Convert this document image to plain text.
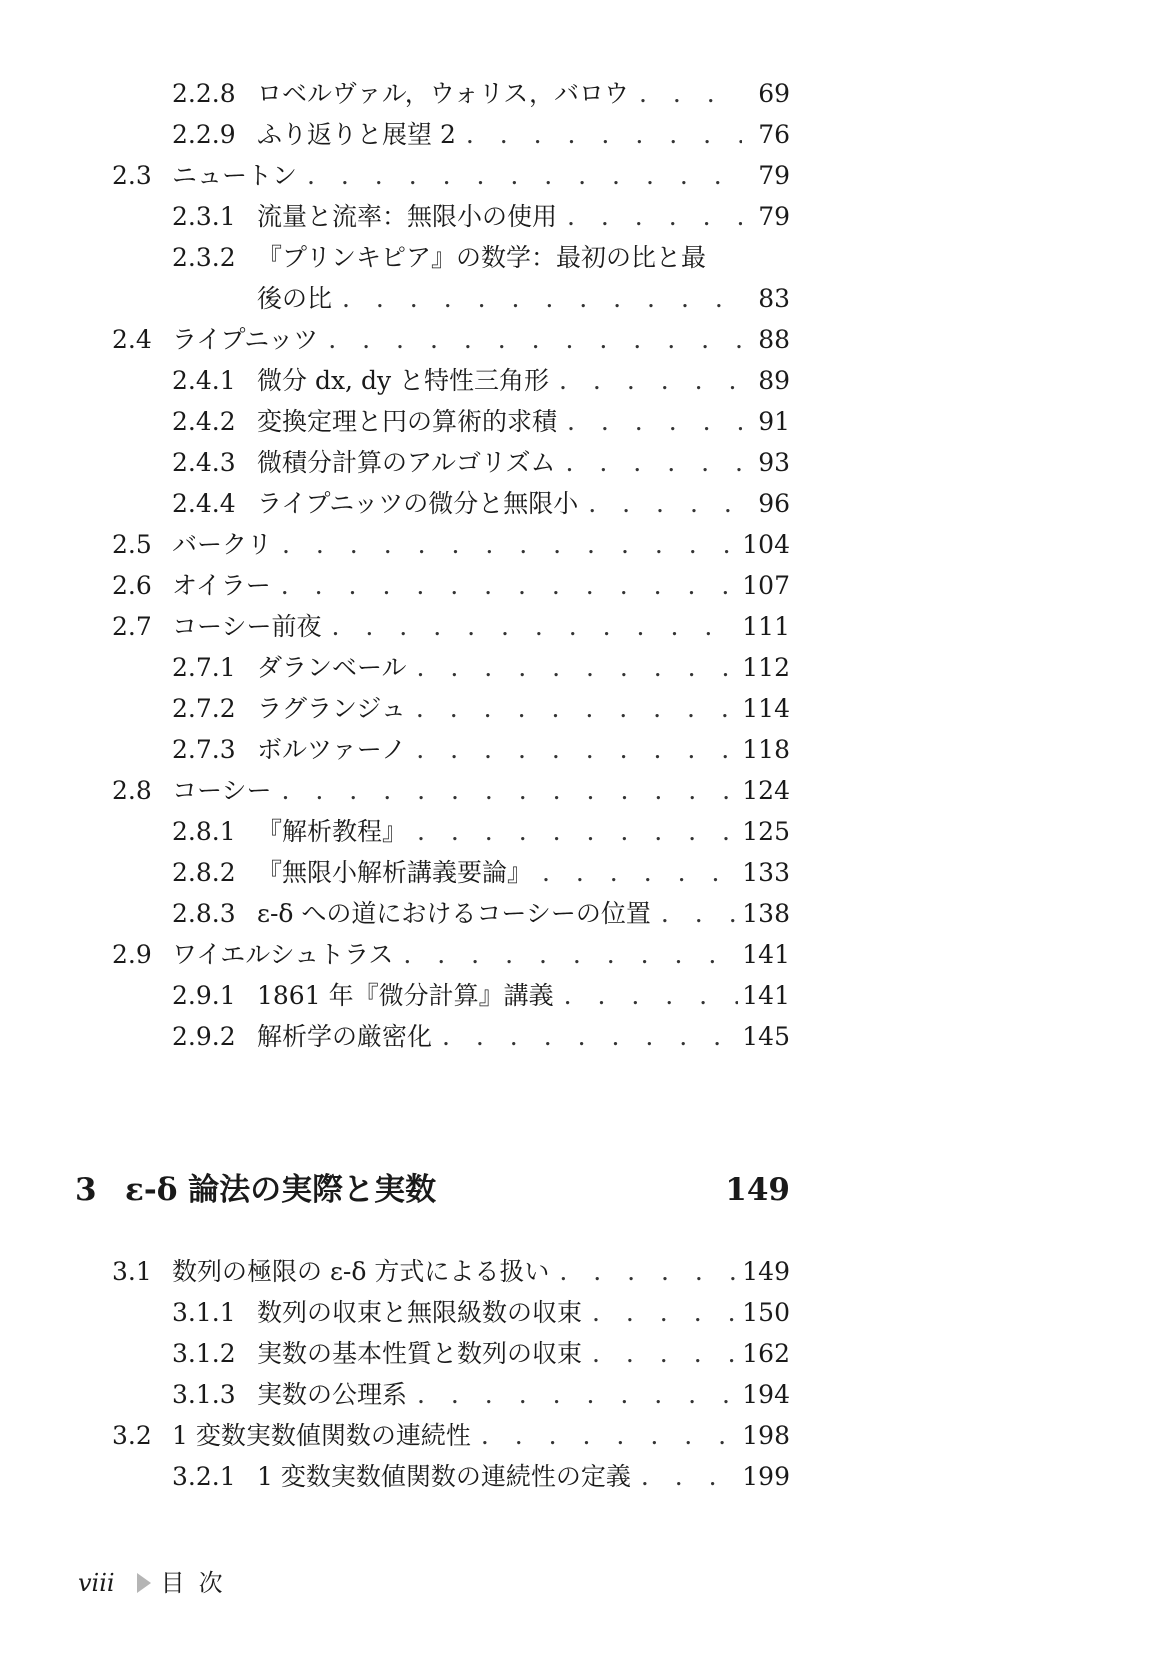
2.2.8 ロベルヴァル，ウォリス，バロウ . . .	69
2.2.9 ふり返りと展望 2 . . .	76
2.3 ニュートン . . .	79
2.3.1 流量と流率：無限小の使用 . . .	79
2.3.2 『プリンキピア』の数学：最初の比と最
後の比 . . .	83
2.4 ライプニッツ . . .	88
2.4.1 微分 dx, dy と特性三角形 . . .	89
2.4.2 変換定理と円の算術的求積 . . .	91
2.4.3 微積分計算のアルゴリズム . . .	93
2.4.4 ライプニッツの微分と無限小 . . .	96
2.5 バークリ . . .	104
2.6 オイラー . . .	107
2.7 コーシー前夜 . . .	111
2.7.1 ダランベール . . .	112
2.7.2 ラグランジュ . . .	114
2.7.3 ボルツァーノ . . .	118
2.8 コーシー . . .	124
2.8.1 『解析教程』 . . .	125
2.8.2 『無限小解析講義要論』 . . .	133
2.8.3 ε-δ への道におけるコーシーの位置 . . .	138
2.9 ワイエルシュトラス . . .	141
2.9.1 1861 年『微分計算』講義 . . .	141
2.9.2 解析学の厳密化 . . .	145
3 ε-δ 論法の実際と実数	149
3.1 数列の極限の ε-δ 方式による扱い . . .	149
3.1.1 数列の収束と無限級数の収束 . . .	150
3.1.2 実数の基本性質と数列の収束 . . .	162
3.1.3 実数の公理系 . . .	194
3.2 1 変数実数値関数の連続性 . . .	198
3.2.1 1 変数実数値関数の連続性の定義 . . .	199
viii 目次
